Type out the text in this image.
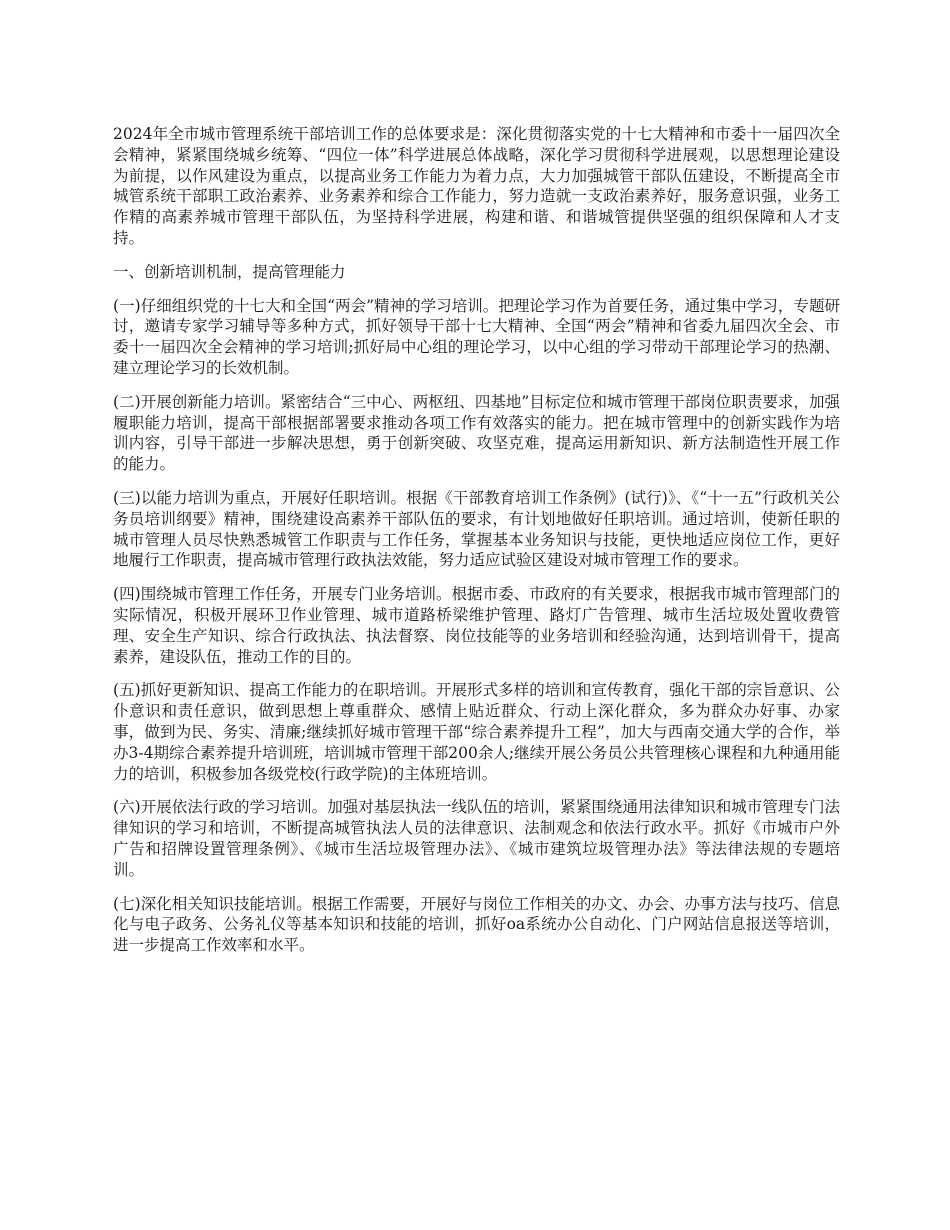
2024年全市城市管理系统干部培训工作的总体要求是：深化贯彻落实党的十七大精神和市委十一届四次全会精神，紧紧围绕城乡统筹、“四位一体”科学进展总体战略，深化学习贯彻科学进展观，以思想理论建设为前提，以作风建设为重点，以提高业务工作能力为着力点，大力加强城管干部队伍建设，不断提高全市城管系统干部职工政治素养、业务素养和综合工作能力，努力造就一支政治素养好，服务意识强，业务工作精的高素养城市管理干部队伍，为坚持科学进展，构建和谐、和谐城管提供坚强的组织保障和人才支持。

一、创新培训机制，提高管理能力

(一)仔细组织党的十七大和全国“两会”精神的学习培训。把理论学习作为首要任务，通过集中学习，专题研讨，邀请专家学习辅导等多种方式，抓好领导干部十七大精神、全国“两会”精神和省委九届四次全会、市委十一届四次全会精神的学习培训;抓好局中心组的理论学习，以中心组的学习带动干部理论学习的热潮、建立理论学习的长效机制。

(二)开展创新能力培训。紧密结合“三中心、两枢纽、四基地”目标定位和城市管理干部岗位职责要求，加强履职能力培训，提高干部根据部署要求推动各项工作有效落实的能力。把在城市管理中的创新实践作为培训内容，引导干部进一步解决思想，勇于创新突破、攻坚克难，提高运用新知识、新方法制造性开展工作的能力。

(三)以能力培训为重点，开展好任职培训。根据《干部教育培训工作条例》(试行)》、《“十一五”行政机关公务员培训纲要》精神，围绕建设高素养干部队伍的要求，有计划地做好任职培训。通过培训，使新任职的城市管理人员尽快熟悉城管工作职责与工作任务，掌握基本业务知识与技能，更快地适应岗位工作，更好地履行工作职责，提高城市管理行政执法效能，努力适应试验区建设对城市管理工作的要求。

(四)围绕城市管理工作任务，开展专门业务培训。根据市委、市政府的有关要求，根据我市城市管理部门的实际情况，积极开展环卫作业管理、城市道路桥梁维护管理、路灯广告管理、城市生活垃圾处置收费管理、安全生产知识、综合行政执法、执法督察、岗位技能等的业务培训和经验沟通，达到培训骨干，提高素养，建设队伍，推动工作的目的。

(五)抓好更新知识、提高工作能力的在职培训。开展形式多样的培训和宣传教育，强化干部的宗旨意识、公仆意识和责任意识，做到思想上尊重群众、感情上贴近群众、行动上深化群众，多为群众办好事、办家事，做到为民、务实、清廉;继续抓好城市管理干部“综合素养提升工程”，加大与西南交通大学的合作，举办3-4期综合素养提升培训班，培训城市管理干部200余人;继续开展公务员公共管理核心课程和九种通用能力的培训，积极参加各级党校(行政学院)的主体班培训。

(六)开展依法行政的学习培训。加强对基层执法一线队伍的培训，紧紧围绕通用法律知识和城市管理专门法律知识的学习和培训，不断提高城管执法人员的法律意识、法制观念和依法行政水平。抓好《市城市户外广告和招牌设置管理条例》、《城市生活垃圾管理办法》、《城市建筑垃圾管理办法》等法律法规的专题培训。

(七)深化相关知识技能培训。根据工作需要，开展好与岗位工作相关的办文、办会、办事方法与技巧、信息化与电子政务、公务礼仪等基本知识和技能的培训，抓好oa系统办公自动化、门户网站信息报送等培训，进一步提高工作效率和水平。
